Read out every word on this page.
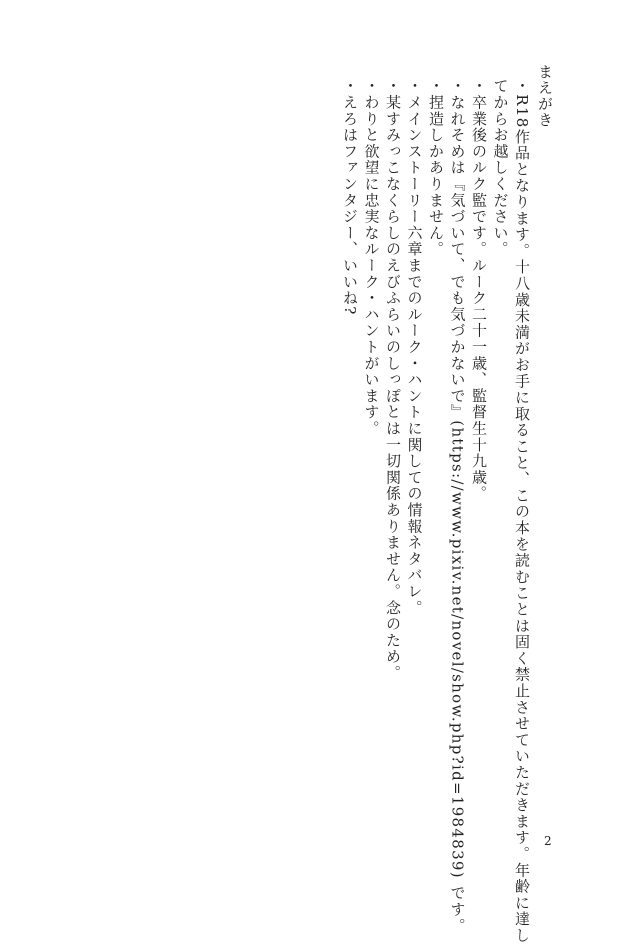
まえがき
・R18作品となります。十八歳未満がお手に取ること、この本を読むことは固く禁止させていただきます。年齢に達し
てからお越しください。
・卒業後のルク監です。ルーク二十一歳、監督生十九歳。
・なれそめは『気づいて、でも気づかないで』(https://www.pixiv.net/novel/show.php?id=1984839) です。
・捏造しかありません。
・メインストーリー六章までのルーク・ハントに関しての情報ネタバレ。
・某すみっこなくらしのえびふらいのしっぽとは一切関係ありません。念のため。
・わりと欲望に忠実なルーク・ハントがいます。
・えろはファンタジー、いいね?
2
